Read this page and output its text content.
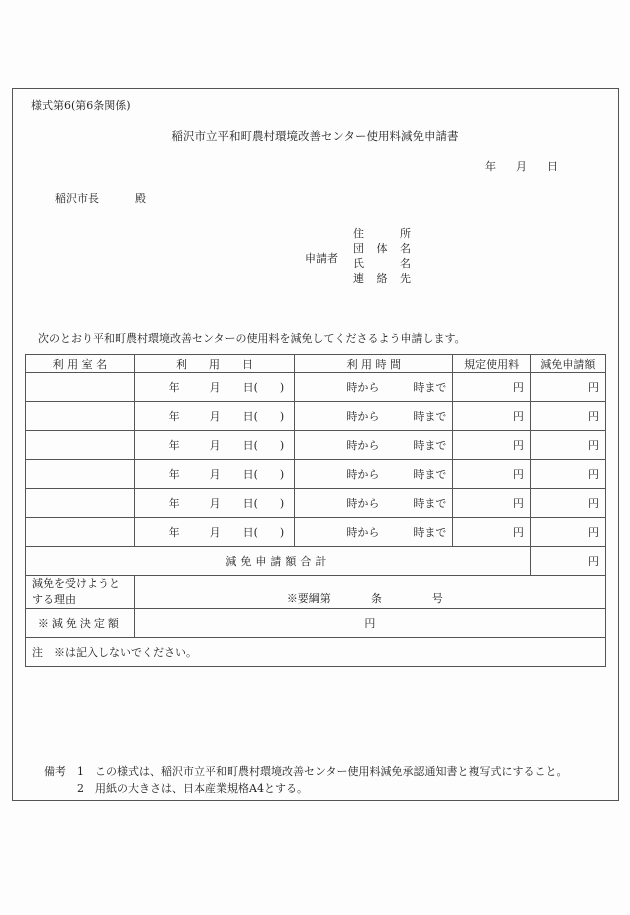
様式第6(第6条関係)
稲沢市立平和町農村環境改善センター使用料減免申請書
年 月 日
稲沢市長	殿
申請者
住	所
団 体 名
氏	名
連 絡 先
次のとおり平和町農村環境改善センターの使用料を減免してくださるよう申請します。
利 用 室 名	利　　用　　日	利 用 時 間	規定使用料	減免申請額
	年 月 日(　　)	時から 時まで	円	円
	年 月 日(　　)	時から 時まで	円	円
	年 月 日(　　)	時から 時まで	円	円
	年 月 日(　　)	時から 時まで	円	円
	年 月 日(　　)	時から 時まで	円	円
	年 月 日(　　)	時から 時まで	円	円
減免申請額合計				円
減免を受けようとする理由	※要綱第 条 号			

※減免決定額	円			
注　※は記入しないでください。				
備考　1　この様式は、稲沢市立平和町農村環境改善センター使用料減免承認通知書と複写式にすること。
2　用紙の大きさは、日本産業規格A4とする。
